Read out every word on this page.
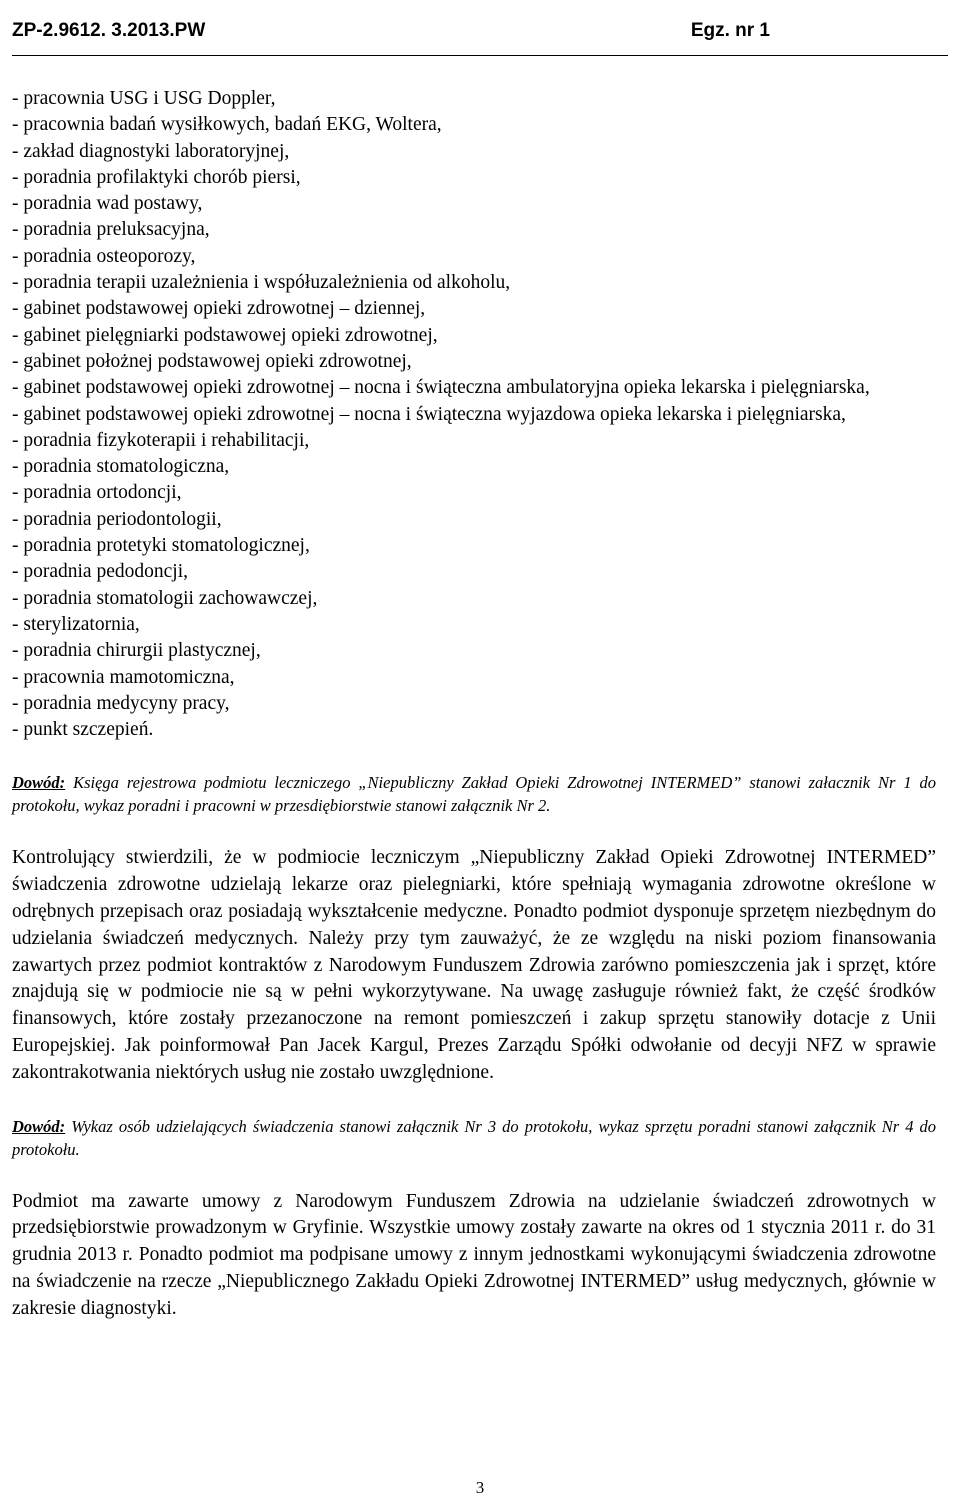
ZP-2.9612. 3.2013.PW	Egz. nr 1
- pracownia USG i USG Doppler,
- pracownia badań wysiłkowych, badań EKG, Woltera,
- zakład diagnostyki laboratoryjnej,
- poradnia profilaktyki chorób piersi,
- poradnia wad postawy,
- poradnia preluksacyjna,
- poradnia osteoporozy,
- poradnia terapii uzależnienia i współuzależnienia od alkoholu,
- gabinet podstawowej opieki zdrowotnej – dziennej,
- gabinet pielęgniarki podstawowej opieki zdrowotnej,
- gabinet położnej podstawowej opieki zdrowotnej,
- gabinet podstawowej opieki zdrowotnej – nocna i świąteczna ambulatoryjna opieka lekarska i pielęgniarska,
- gabinet podstawowej opieki zdrowotnej – nocna i świąteczna wyjazdowa opieka lekarska i pielęgniarska,
- poradnia fizykoterapii i rehabilitacji,
- poradnia stomatologiczna,
- poradnia ortodoncji,
- poradnia periodontologii,
- poradnia protetyki stomatologicznej,
- poradnia pedodoncji,
- poradnia stomatologii zachowawczej,
- sterylizatornia,
- poradnia chirurgii plastycznej,
- pracownia mamotomiczna,
- poradnia medycyny pracy,
- punkt szczepień.
Dowód: Księga rejestrowa podmiotu leczniczego „Niepubliczny Zakład Opieki Zdrowotnej INTERMED” stanowi załacznik Nr 1 do protokołu, wykaz poradni i pracowni w przesdiębiorstwie stanowi załącznik Nr 2.
Kontrolujący stwierdzili, że w podmiocie leczniczym „Niepubliczny Zakład Opieki Zdrowotnej INTERMED” świadczenia zdrowotne udzielają lekarze oraz pielegniarki, które spełniają wymagania zdrowotne określone w odrębnych przepisach oraz posiadają wykształcenie medyczne. Ponadto podmiot dysponuje sprzetęm niezbędnym do udzielania świadczeń medycznych. Należy przy tym zauważyć, że ze względu na niski poziom finansowania zawartych przez podmiot kontraktów z Narodowym Funduszem Zdrowia zarówno pomieszczenia jak i sprzęt, które znajdują się w podmiocie nie są w pełni wykorzytywane. Na uwagę zasługuje również fakt, że część środków finansowych, które zostały przezanoczone na remont pomieszczeń i zakup sprzętu stanowiły dotacje z Unii Europejskiej. Jak poinformował Pan Jacek Kargul, Prezes Zarządu Spółki odwołanie od decyji NFZ w sprawie zakontrakotwania niektórych usług nie zostało uwzględnione.
Dowód: Wykaz osób udzielających świadczenia stanowi załącznik Nr 3 do protokołu, wykaz sprzętu poradni stanowi załącznik Nr 4 do protokołu.
Podmiot ma zawarte umowy z Narodowym Funduszem Zdrowia na udzielanie świadczeń zdrowotnych w przedsiębiorstwie prowadzonym w Gryfinie. Wszystkie umowy zostały zawarte na okres od 1 stycznia 2011 r. do 31 grudnia 2013 r. Ponadto podmiot ma podpisane umowy z innym jednostkami wykonującymi świadczenia zdrowotne na świadczenie na rzecze „Niepublicznego Zakładu Opieki Zdrowotnej INTERMED” usług medycznych, głównie w zakresie diagnostyki.
3
